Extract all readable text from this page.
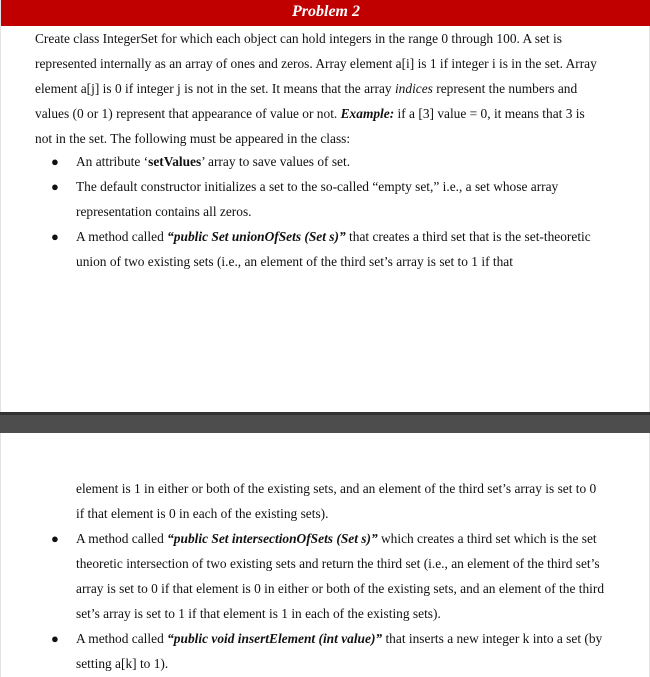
Problem 2
Create class IntegerSet for which each object can hold integers in the range 0 through 100. A set is represented internally as an array of ones and zeros. Array element a[i] is 1 if integer i is in the set. Array element a[j] is 0 if integer j is not in the set. It means that the array indices represent the numbers and values (0 or 1) represent that appearance of value or not. Example: if a [3] value = 0, it means that 3 is not in the set. The following must be appeared in the class:
● An attribute ‘setValues’ array to save values of set.
● The default constructor initializes a set to the so-called “empty set,” i.e., a set whose array representation contains all zeros.
● A method called “public Set unionOfSets (Set s)” that creates a third set that is the set-theoretic union of two existing sets (i.e., an element of the third set’s array is set to 1 if that
element is 1 in either or both of the existing sets, and an element of the third set’s array is set to 0 if that element is 0 in each of the existing sets).
● A method called “public Set intersectionOfSets (Set s)” which creates a third set which is the set theoretic intersection of two existing sets and return the third set (i.e., an element of the third set’s array is set to 0 if that element is 0 in either or both of the existing sets, and an element of the third set’s array is set to 1 if that element is 1 in each of the existing sets).
● A method called “public void insertElement (int value)” that inserts a new integer k into a set (by setting a[k] to 1).
